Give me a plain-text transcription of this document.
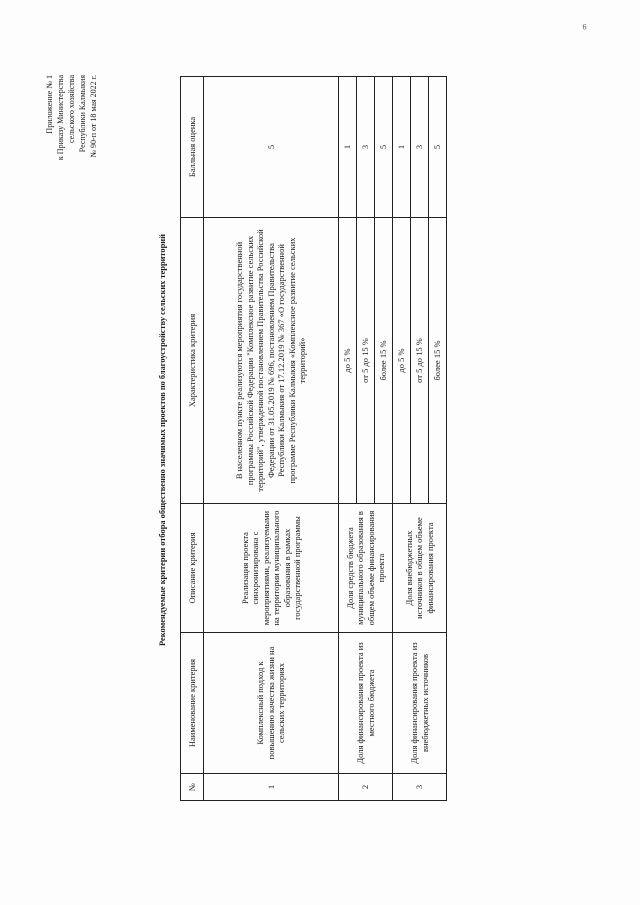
Приложение № 1 к Приказу Министерства сельского хозяйства Республики Калмыкия № 90-п от 18 мая 2022 г.
Рекомендуемые критерии отбора общественно значимых проектов по благоустройству сельских территорий
№	Наименование критерия	Описание критерия	Характеристика критерия	Балльная оценка
1	Комплексный подход к повышению качества жизни на сельских территориях	Реализация проекта синхронизирована с мероприятиями, реализуемыми на территории муниципального образования в рамках государственной программы	В населенном пункте реализуются мероприятия государственной программы Российской Федерации "Комплексное развитие сельских территорий", утвержденной постановлением Правительства Российской Федерации от 31.05.2019 № 696, постановлением Правительства Республики Калмыкия от 17.12.2019 № 367 «О государственной программе Республики Калмыкия «Комплексное развитие сельских территорий»	5
2	Доля финансирования проекта из местного бюджета	Доля средств бюджета муниципального образования в общем объеме финансирования проекта	до 5 %	1
			от 5 до 15 %	3
			более 15 %	5
3	Доля финансирования проекта из внебюджетных источников	Доля внебюджетных источников в общем объеме финансирования проекта	до 5 %	1
			от 5 до 15 %	3
			более 15 %	5
6
